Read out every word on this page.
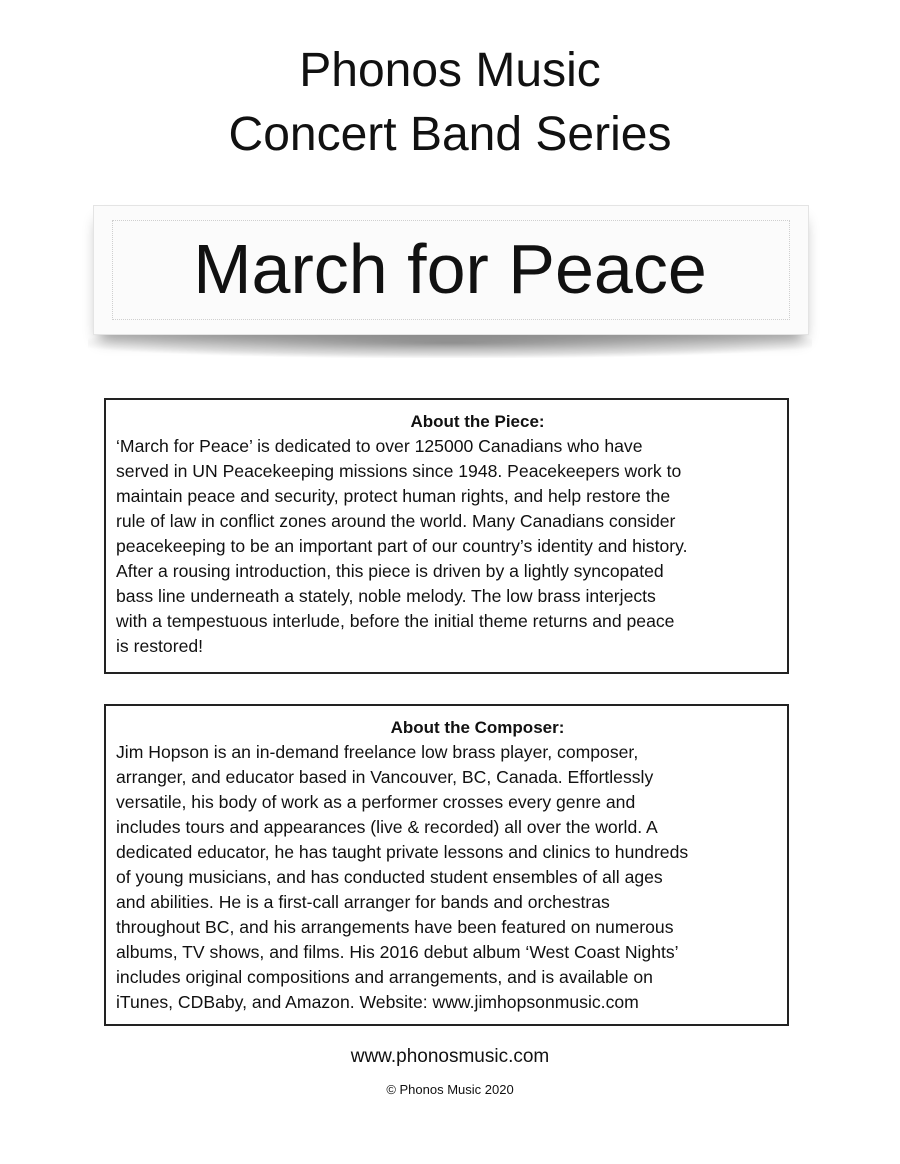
Phonos Music
Concert Band Series
March for Peace
About the Piece:
‘March for Peace’ is dedicated to over 125000 Canadians who have
served in UN Peacekeeping missions since 1948. Peacekeepers work to
maintain peace and security, protect human rights, and help restore the
rule of law in conflict zones around the world. Many Canadians consider
peacekeeping to be an important part of our country’s identity and history.
After a rousing introduction, this piece is driven by a lightly syncopated
bass line underneath a stately, noble melody. The low brass interjects
with a tempestuous interlude, before the initial theme returns and peace
is restored!
About the Composer:
Jim Hopson is an in-demand freelance low brass player, composer,
arranger, and educator based in Vancouver, BC, Canada. Effortlessly
versatile, his body of work as a performer crosses every genre and
includes tours and appearances (live & recorded) all over the world. A
dedicated educator, he has taught private lessons and clinics to hundreds
of young musicians, and has conducted student ensembles of all ages
and abilities. He is a first-call arranger for bands and orchestras
throughout BC, and his arrangements have been featured on numerous
albums, TV shows, and films. His 2016 debut album ‘West Coast Nights’
includes original compositions and arrangements, and is available on
iTunes, CDBaby, and Amazon. Website: www.jimhopsonmusic.com
www.phonosmusic.com
© Phonos Music 2020
